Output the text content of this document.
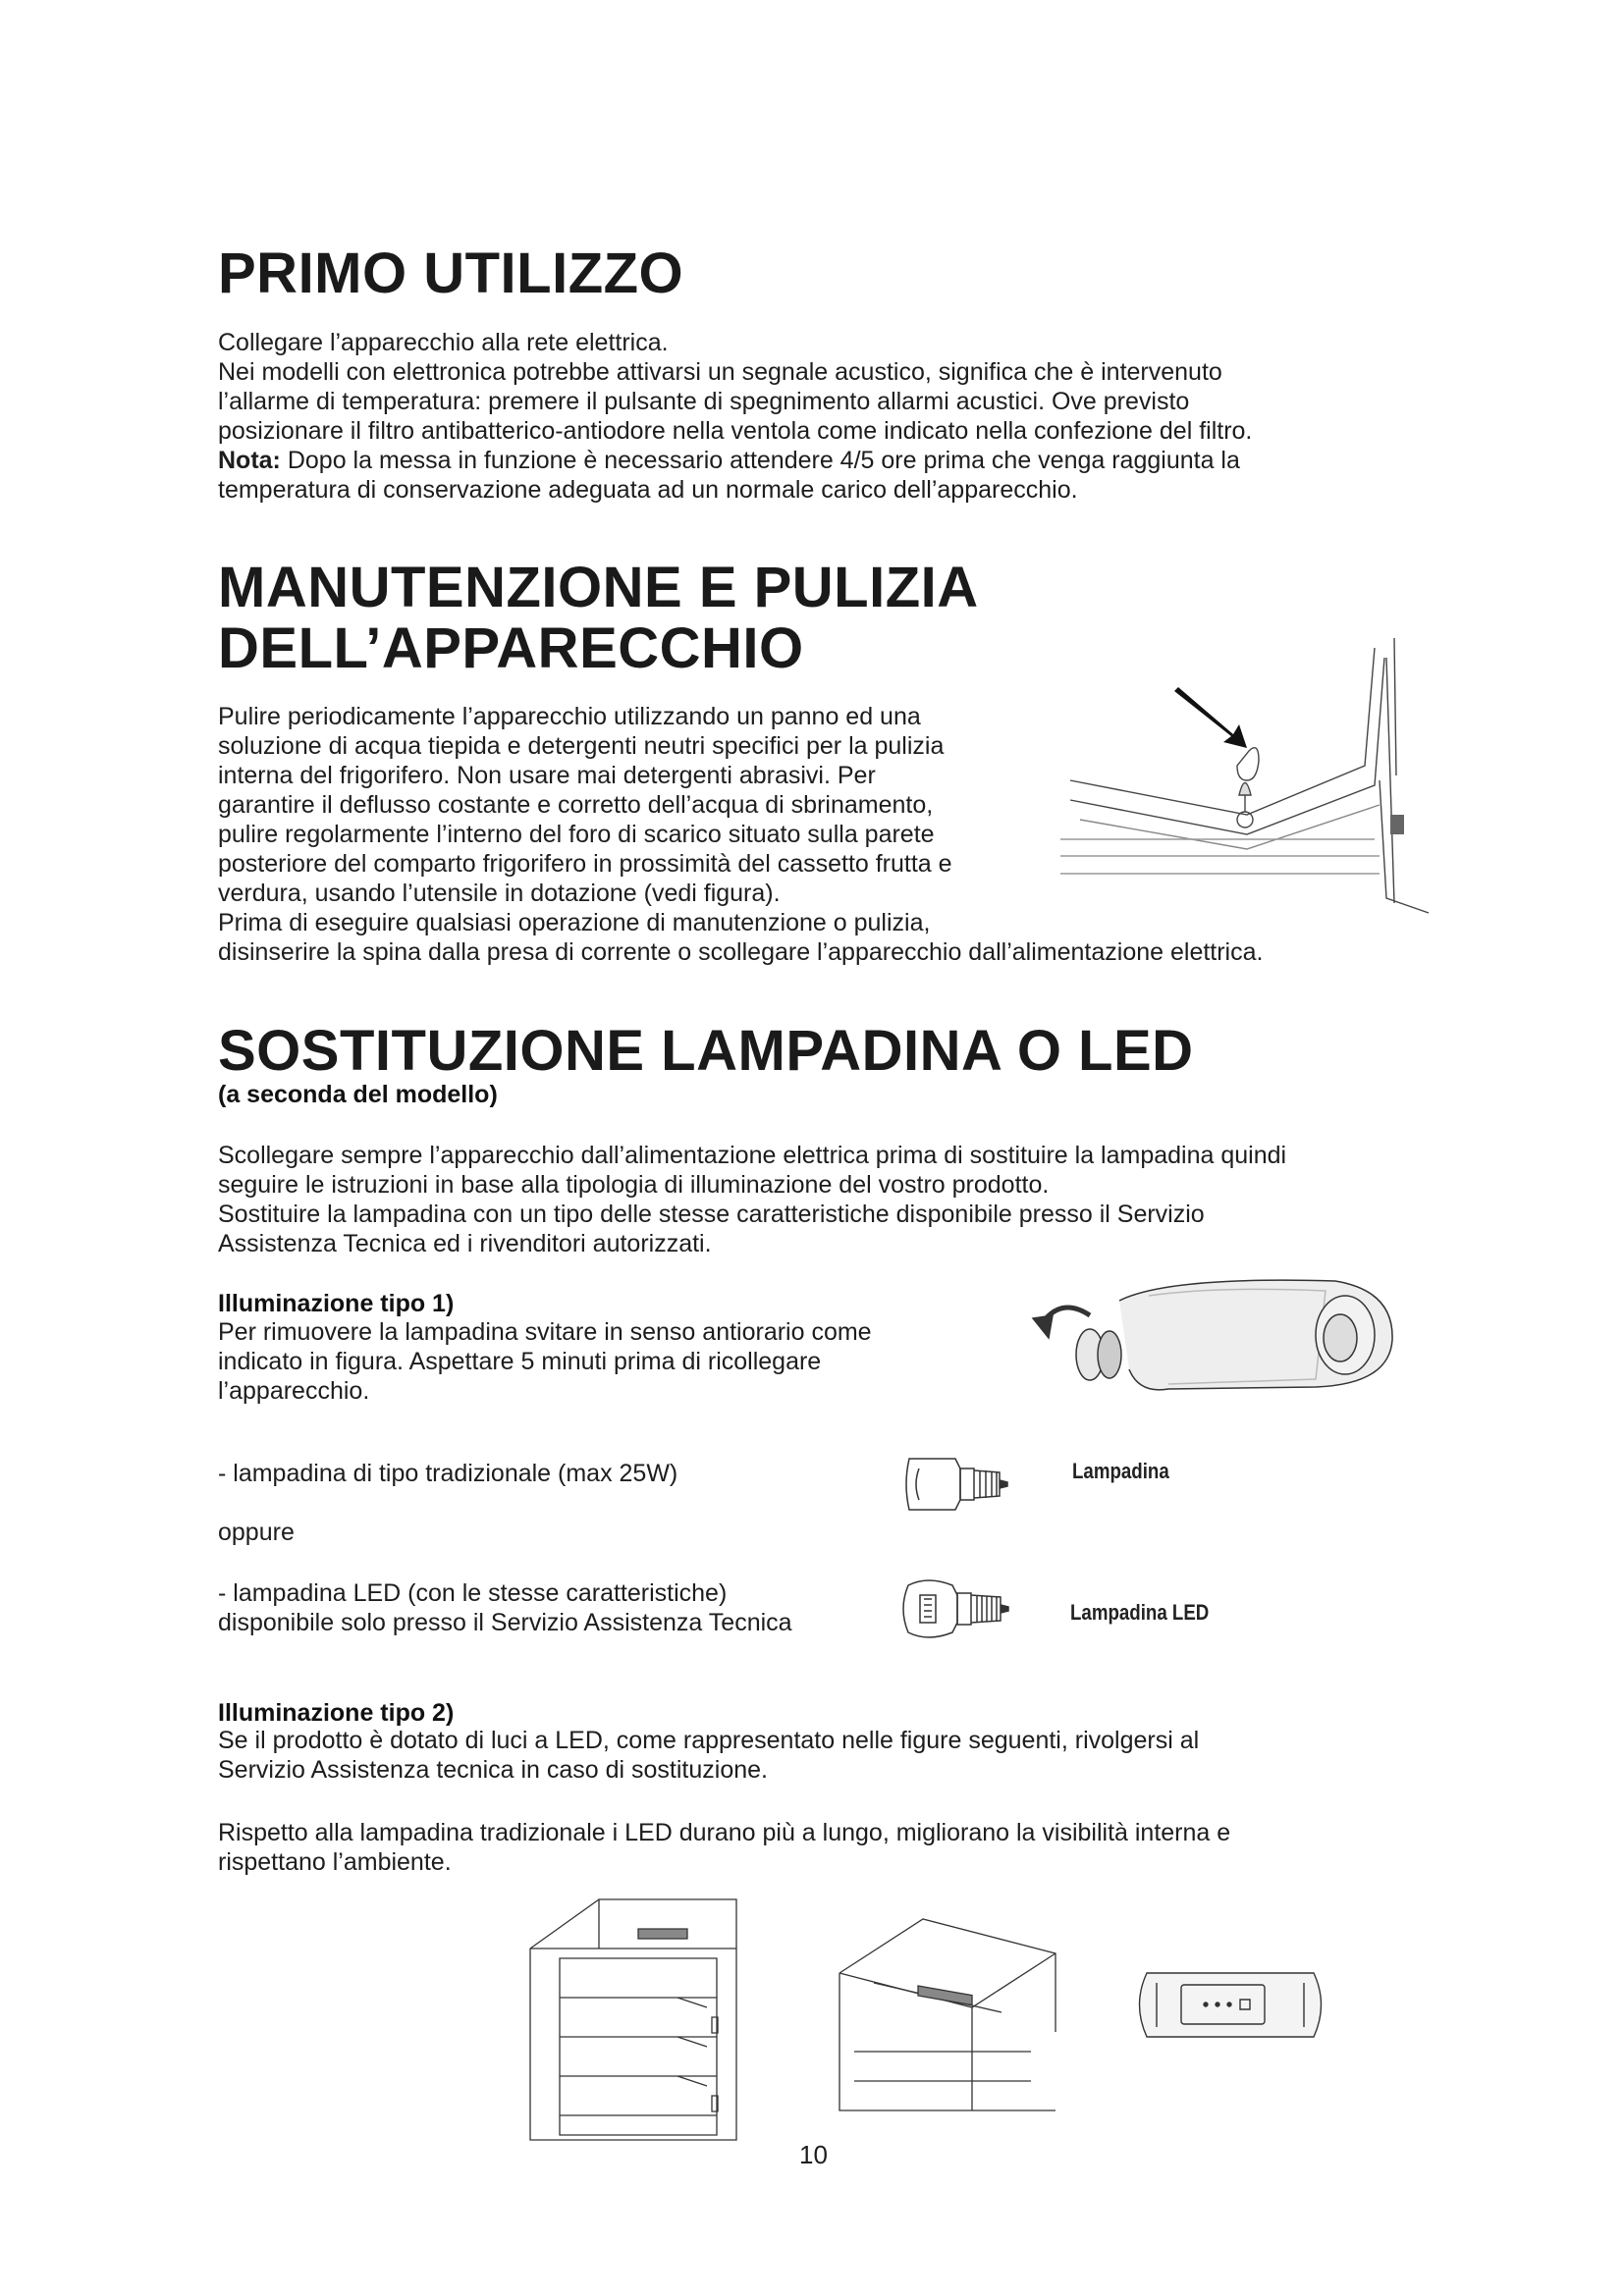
PRIMO UTILIZZO
Collegare l’apparecchio alla rete elettrica.
Nei modelli con elettronica potrebbe attivarsi un segnale acustico, significa che è intervenuto
l’allarme di temperatura: premere il pulsante di spegnimento allarmi acustici. Ove previsto
posizionare il filtro antibatterico-antiodore nella ventola come indicato nella confezione del filtro.
Nota: Dopo la messa in funzione è necessario attendere 4/5 ore prima che venga raggiunta la
temperatura di conservazione adeguata ad un normale carico dell’apparecchio.
MANUTENZIONE E PULIZIA
DELL’APPARECCHIO
Pulire periodicamente l’apparecchio utilizzando un panno ed una
soluzione di acqua tiepida e detergenti neutri specifici per la pulizia
interna del frigorifero. Non usare mai detergenti abrasivi. Per
garantire il deflusso costante e corretto dell’acqua di sbrinamento,
pulire regolarmente l’interno del foro di scarico situato sulla parete
posteriore del comparto frigorifero in prossimità del cassetto frutta e
verdura, usando l’utensile in dotazione (vedi figura).
Prima di eseguire qualsiasi operazione di manutenzione o pulizia,
disinserire la spina dalla presa di corrente o scollegare l’apparecchio dall’alimentazione elettrica.
SOSTITUZIONE LAMPADINA O LED
(a seconda del modello)
Scollegare sempre l’apparecchio dall’alimentazione elettrica prima di sostituire la lampadina quindi
seguire le istruzioni in base alla tipologia di illuminazione del vostro prodotto.
Sostituire la lampadina con un tipo delle stesse caratteristiche disponibile presso il Servizio
Assistenza Tecnica ed i rivenditori autorizzati.
Illuminazione tipo 1)
Per rimuovere la lampadina svitare in senso antiorario come
indicato in figura. Aspettare 5 minuti prima di ricollegare
l’apparecchio.
- lampadina di tipo tradizionale (max 25W)
oppure
- lampadina LED (con le stesse caratteristiche)
disponibile solo presso il Servizio Assistenza Tecnica
Lampadina
Lampadina LED
Illuminazione tipo 2)
Se il prodotto è dotato di luci a LED, come rappresentato nelle figure seguenti, rivolgersi al
Servizio Assistenza tecnica in caso di sostituzione.
Rispetto alla lampadina tradizionale i LED durano più a lungo, migliorano la visibilità interna e
rispettano l’ambiente.
10
